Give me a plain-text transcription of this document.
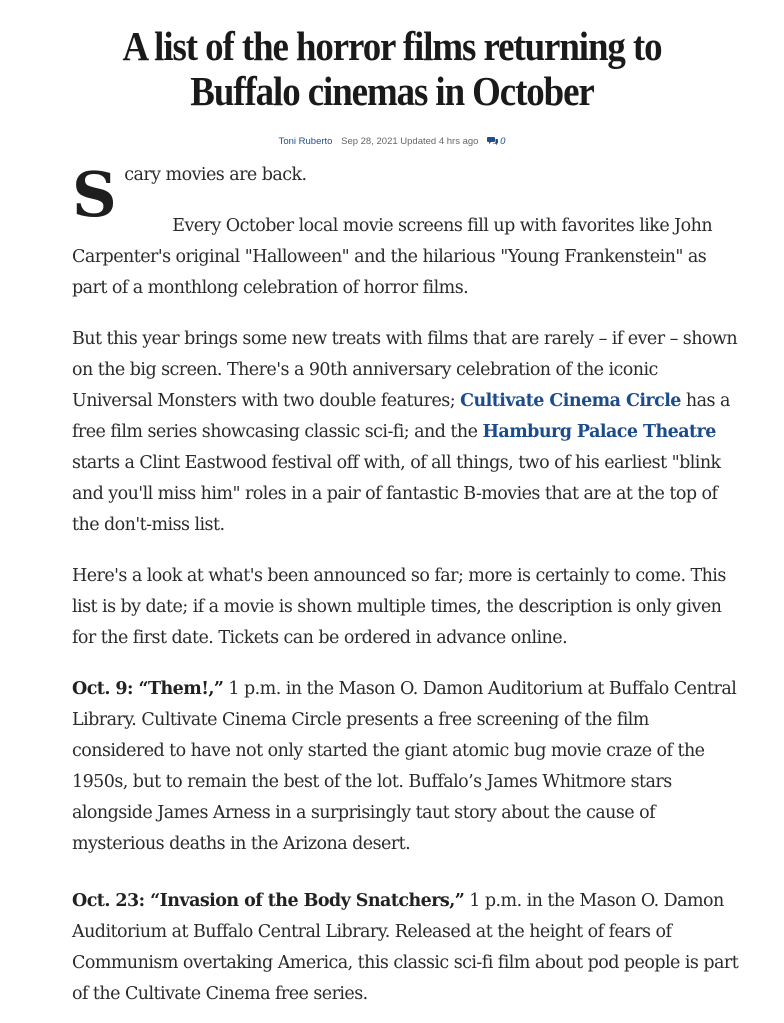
A list of the horror films returning to Buffalo cinemas in October
Toni Ruberto Sep 28, 2021 Updated 4 hrs ago 0
S cary movies are back.

Every October local movie screens fill up with favorites like John Carpenter's original "Halloween" and the hilarious "Young Frankenstein" as part of a monthlong celebration of horror films.

But this year brings some new treats with films that are rarely – if ever – shown on the big screen. There's a 90th anniversary celebration of the iconic Universal Monsters with two double features; Cultivate Cinema Circle has a free film series showcasing classic sci-fi; and the Hamburg Palace Theatre starts a Clint Eastwood festival off with, of all things, two of his earliest "blink and you'll miss him" roles in a pair of fantastic B-movies that are at the top of the don't-miss list.

Here's a look at what's been announced so far; more is certainly to come. This list is by date; if a movie is shown multiple times, the description is only given for the first date. Tickets can be ordered in advance online.

Oct. 9: “Them!,” 1 p.m. in the Mason O. Damon Auditorium at Buffalo Central Library. Cultivate Cinema Circle presents a free screening of the film considered to have not only started the giant atomic bug movie craze of the 1950s, but to remain the best of the lot. Buffalo’s James Whitmore stars alongside James Arness in a surprisingly taut story about the cause of mysterious deaths in the Arizona desert.

Oct. 23: “Invasion of the Body Snatchers,” 1 p.m. in the Mason O. Damon Auditorium at Buffalo Central Library. Released at the height of fears of Communism overtaking America, this classic sci-fi film about pod people is part of the Cultivate Cinema free series.
